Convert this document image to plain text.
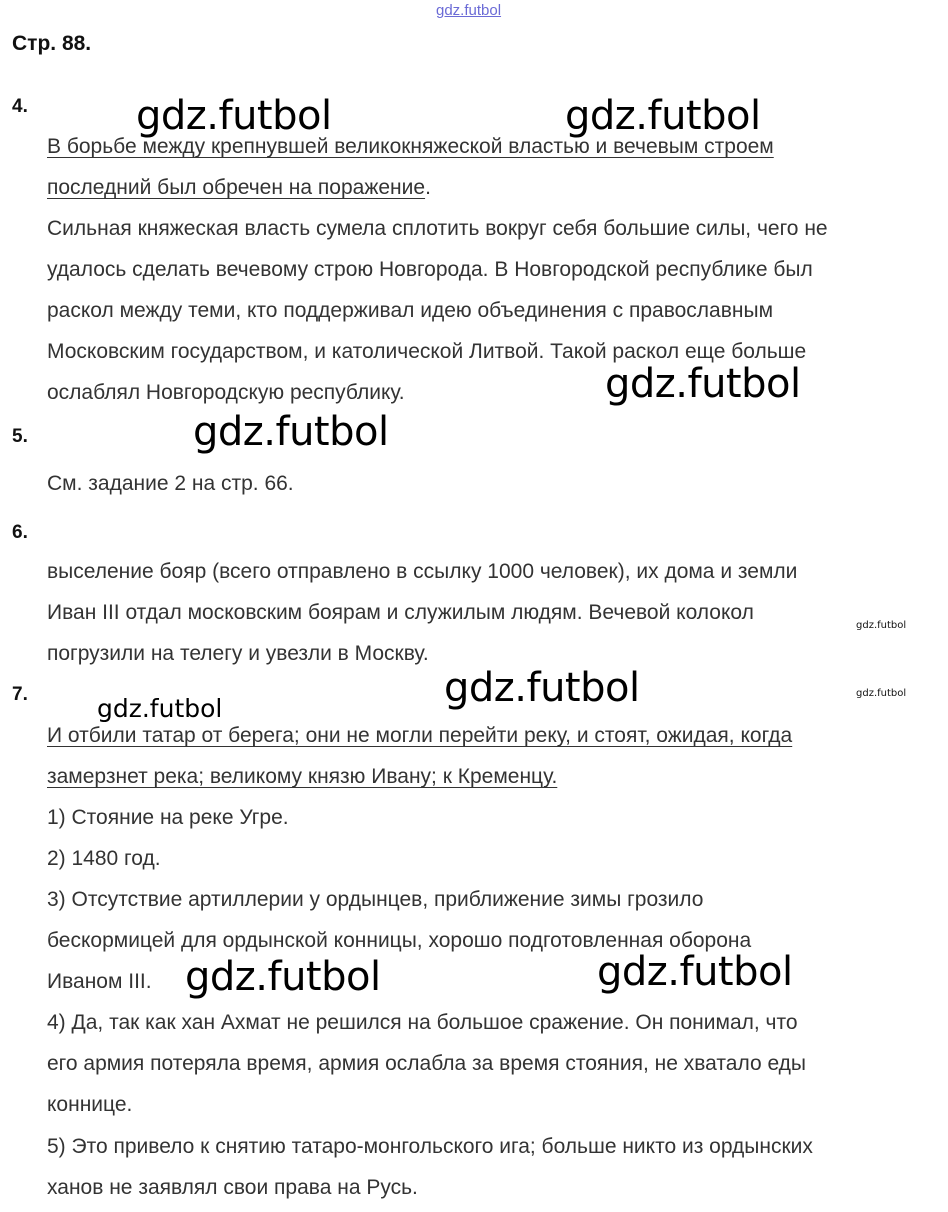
gdz.futbol
Стр. 88.
4.
В борьбе между крепнувшей великокняжеской властью и вечевым строем
последний был обречен на поражение.
Сильная княжеская власть сумела сплотить вокруг себя большие силы, чего не
удалось сделать вечевому строю Новгорода. В Новгородской республике был
раскол между теми, кто поддерживал идею объединения с православным
Московским государством, и католической Литвой. Такой раскол еще больше
ослаблял Новгородскую республику.
5.
См. задание 2 на стр. 66.
6.
выселение бояр (всего отправлено в ссылку 1000 человек), их дома и земли
Иван III отдал московским боярам и служилым людям. Вечевой колокол
погрузили на телегу и увезли в Москву.
7.
И отбили татар от берега; они не могли перейти реку, и стоят, ожидая, когда
замерзнет река; великому князю Ивану; к Кременцу.
1) Стояние на реке Угре.
2) 1480 год.
3) Отсутствие артиллерии у ордынцев, приближение зимы грозило
бескормицей для ордынской конницы, хорошо подготовленная оборона
Иваном III.
4) Да, так как хан Ахмат не решился на большое сражение. Он понимал, что
его армия потеряла время, армия ослабла за время стояния, не хватало еды
коннице.
5) Это привело к снятию татаро-монгольского ига; больше никто из ордынских
ханов не заявлял свои права на Русь.
gdz.futbol	gdz.futbol
gdz.futbol
gdz.futbol
gdz.futbol
gdz.futbol
gdz.futbol	gdz.futbol
gdz.futbol
gdz.futbol
